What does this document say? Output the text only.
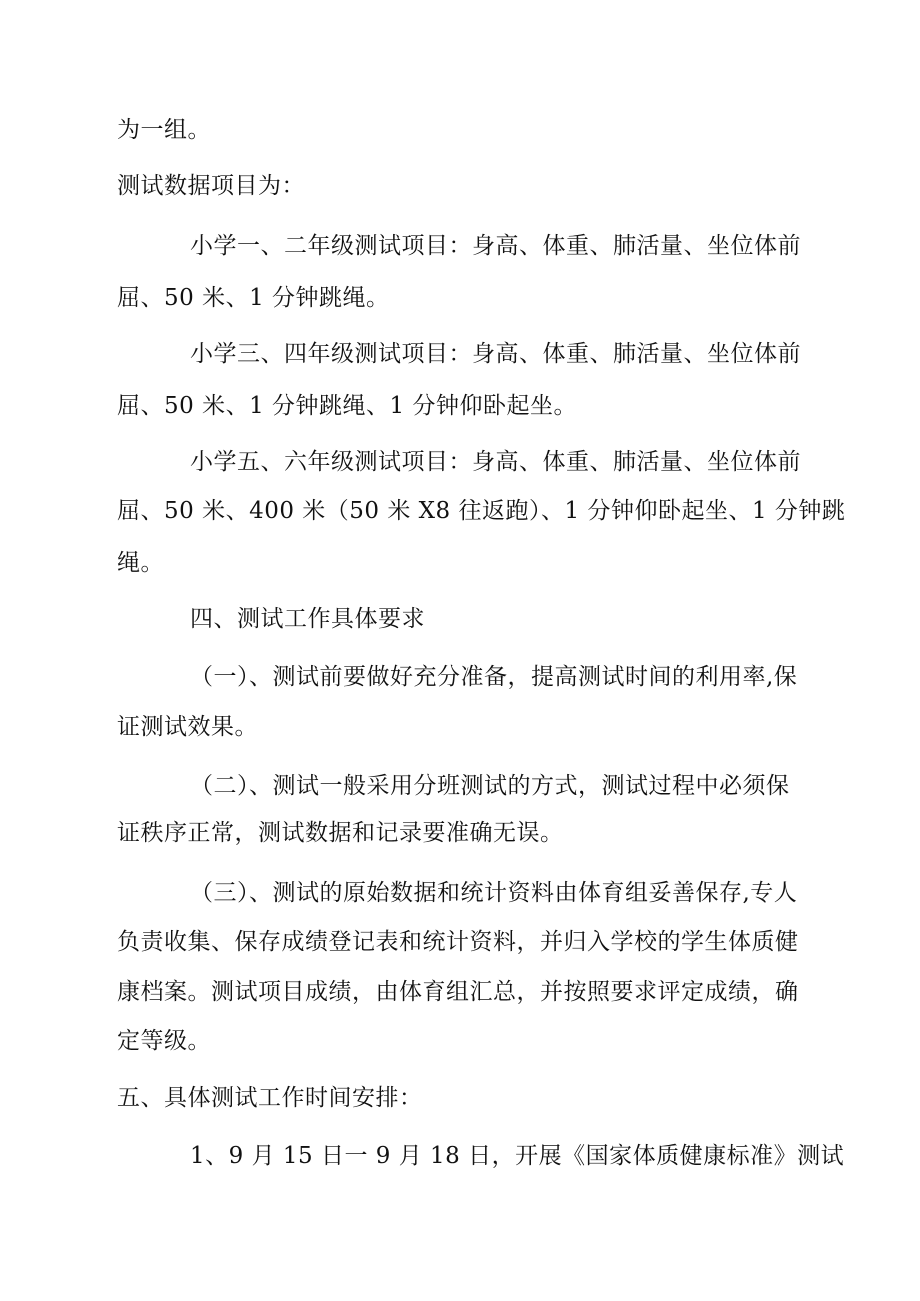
为一组。
测试数据项目为：
小学一、二年级测试项目：身高、体重、肺活量、坐位体前
屈、50 米、1 分钟跳绳。
小学三、四年级测试项目：身高、体重、肺活量、坐位体前
屈、50 米、1 分钟跳绳、1 分钟仰卧起坐。
小学五、六年级测试项目：身高、体重、肺活量、坐位体前
屈、50 米、400 米（50 米 X8 往返跑）、1 分钟仰卧起坐、1 分钟跳
绳。
四、测试工作具体要求
（一）、测试前要做好充分准备，提高测试时间的利用率,保
证测试效果。
（二）、测试一般采用分班测试的方式，测试过程中必须保
证秩序正常，测试数据和记录要准确无误。
（三）、测试的原始数据和统计资料由体育组妥善保存,专人
负责收集、保存成绩登记表和统计资料，并归入学校的学生体质健
康档案。测试项目成绩，由体育组汇总，并按照要求评定成绩，确
定等级。
五、具体测试工作时间安排：
1、9 月 15 日一 9 月 18 日，开展《国家体质健康标准》测试
